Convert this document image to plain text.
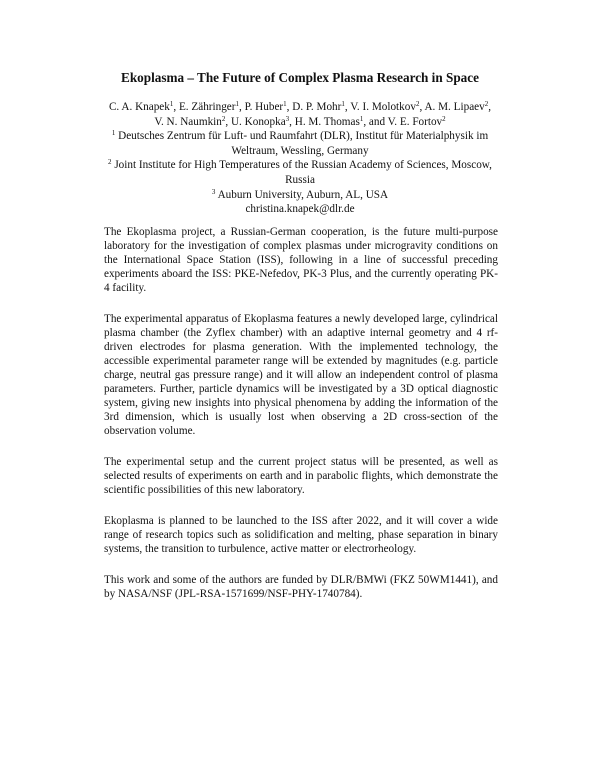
Ekoplasma – The Future of Complex Plasma Research in Space

C. A. Knapek$^1$, E. Zähringer$^1$, P. Huber$^1$, D. P. Mohr$^1$, V. I. Molotkov$^2$, A. M. Lipaev$^2$,
V. N. Naumkin$^2$, U. Konopka$^3$, H. M. Thomas$^1$, and V. E. Fortov$^2$

$^1$ Deutsches Zentrum für Luft- und Raumfahrt (DLR), Institut für Materialphysik im
Weltraum, Wessling, Germany

$^2$ Joint Institute for High Temperatures of the Russian Academy of Sciences, Moscow,
Russia

$^3$ Auburn University, Auburn, AL, USA

christina.knapek@dlr.de

The Ekoplasma project, a Russian-German cooperation, is the future multi-purpose laboratory for the investigation of complex plasmas under microgravity conditions on the International Space Station (ISS), following in a line of successful preceding experiments aboard the ISS: PKE-Nefedov, PK-3 Plus, and the currently operating PK-4 facility.

The experimental apparatus of Ekoplasma features a newly developed large, cylindrical plasma chamber (the Zyflex chamber) with an adaptive internal geometry and 4 rf-driven electrodes for plasma generation. With the implemented technology, the accessible experimental parameter range will be extended by magnitudes (e.g. particle charge, neutral gas pressure range) and it will allow an independent control of plasma parameters. Further, particle dynamics will be investigated by a 3D optical diagnostic system, giving new insights into physical phenomena by adding the information of the 3rd dimension, which is usually lost when observing a 2D cross-section of the observation volume.

The experimental setup and the current project status will be presented, as well as selected results of experiments on earth and in parabolic flights, which demonstrate the scientific possibilities of this new laboratory.

Ekoplasma is planned to be launched to the ISS after 2022, and it will cover a wide range of research topics such as solidification and melting, phase separation in binary systems, the transition to turbulence, active matter or electrorheology.

This work and some of the authors are funded by DLR/BMWi (FKZ 50WM1441), and by NASA/NSF (JPL-RSA-1571699/NSF-PHY-1740784).
